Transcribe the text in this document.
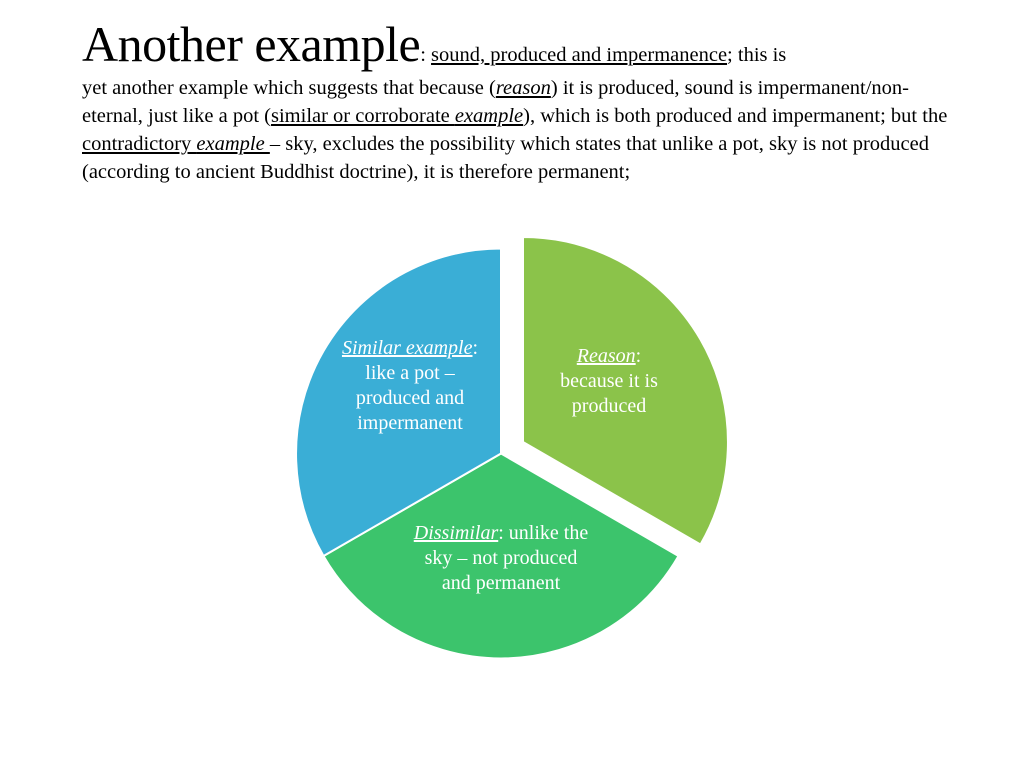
Another example: sound, produced and impermanence; this is
yet another example which suggests that because (reason) it is produced, sound is impermanent/non-eternal, just like a pot (similar or corroborate example), which is both produced and impermanent; but the contradictory example – sky, excludes the possibility which states that unlike a pot, sky is not produced (according to ancient Buddhist doctrine), it is therefore permanent;
Reason:
because it is
produced
Dissimilar: unlike the sky – not produced and permanent
Similar example: like a pot – produced and impermanent
